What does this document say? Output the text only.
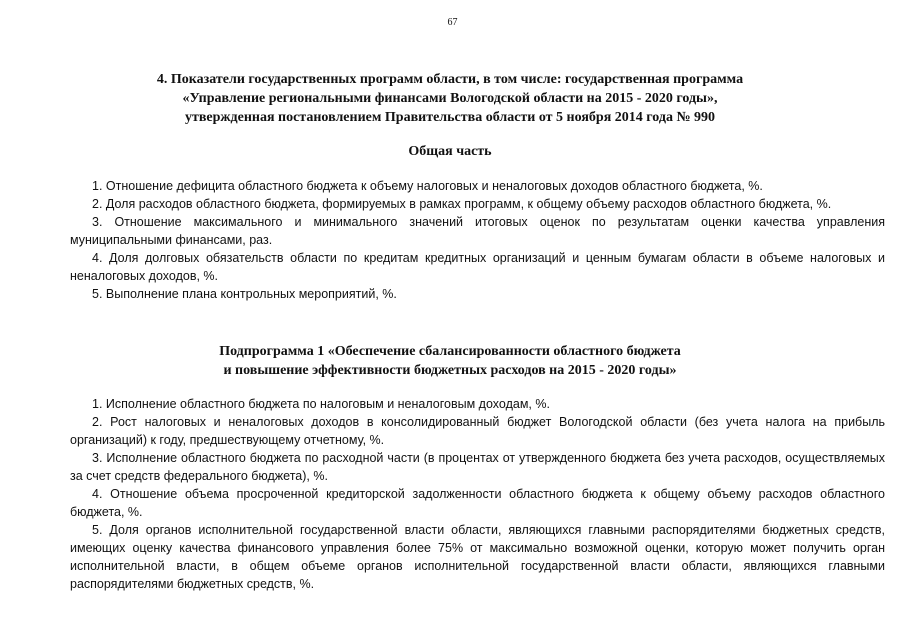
67
4. Показатели государственных программ области, в том числе: государственная программа
«Управление региональными финансами Вологодской области на 2015 - 2020 годы»,
утвержденная постановлением Правительства области от 5 ноября 2014 года № 990
Общая часть

1. Отношение дефицита областного бюджета к объему налоговых и неналоговых доходов областного бюджета, %.

2. Доля расходов областного бюджета, формируемых в рамках программ, к общему объему расходов областного бюджета, %.

3. Отношение максимального и минимального значений итоговых оценок по результатам оценки качества управления муниципальными финансами, раз.

4. Доля долговых обязательств области по кредитам кредитных организаций и ценным бумагам области в объеме налоговых и неналоговых доходов, %.

5. Выполнение плана контрольных мероприятий, %.

Подпрограмма 1 «Обеспечение сбалансированности областного бюджета
и повышение эффективности бюджетных расходов на 2015 - 2020 годы»

1. Исполнение областного бюджета по налоговым и неналоговым доходам, %.

2. Рост налоговых и неналоговых доходов в консолидированный бюджет Вологодской области (без учета налога на прибыль организаций) к году, предшествующему отчетному, %.

3. Исполнение областного бюджета по расходной части (в процентах от утвержденного бюджета без учета расходов, осуществляемых за счет средств федерального бюджета), %.

4. Отношение объема просроченной кредиторской задолженности областного бюджета к общему объему расходов областного бюджета, %.

5. Доля органов исполнительной государственной власти области, являющихся главными распорядителями бюджетных средств, имеющих оценку качества финансового управления более 75% от максимально возможной оценки, которую может получить орган исполнительной власти, в общем объеме органов исполнительной государственной власти области, являющихся главными распорядителями бюджетных средств, %.
